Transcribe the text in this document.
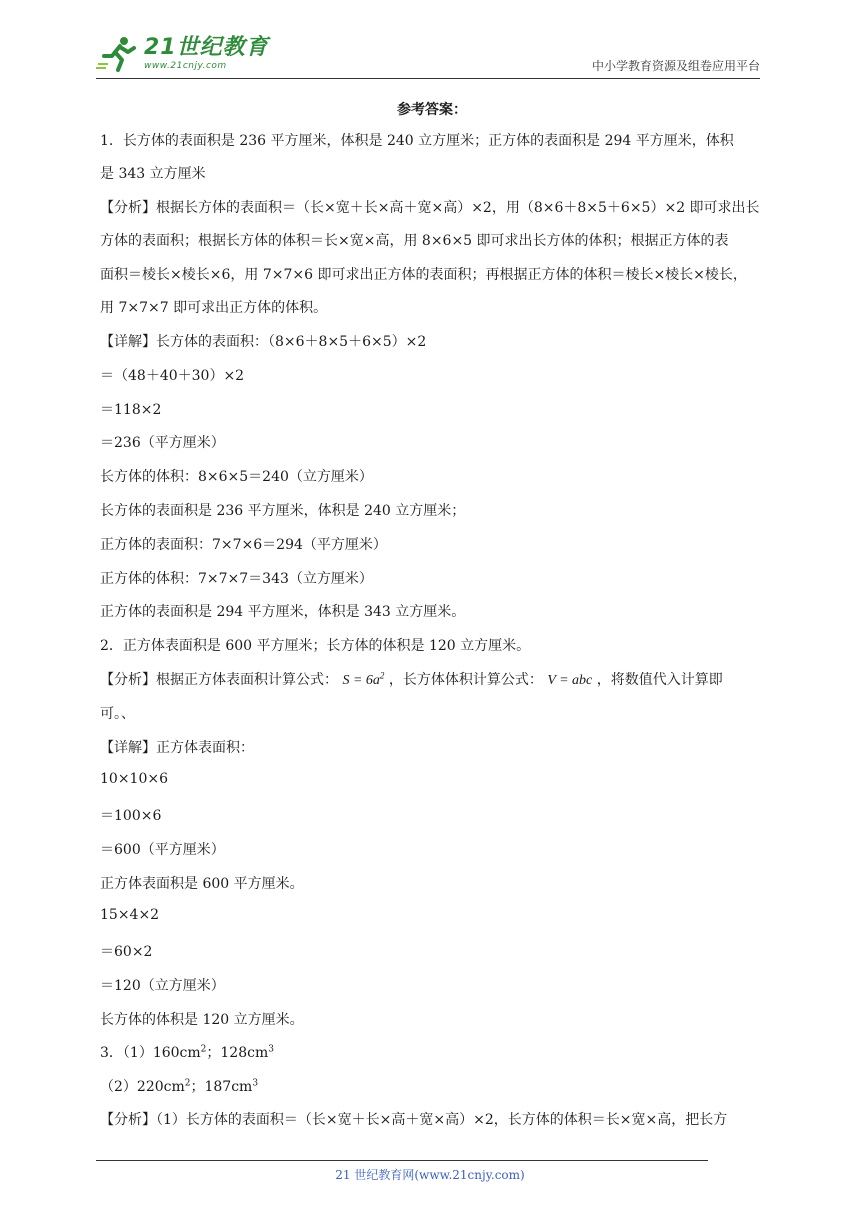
21世纪教育
www.21cnjy.com	中小学教育资源及组卷应用平台
参考答案：
1．长方体的表面积是 236 平方厘米，体积是 240 立方厘米；正方体的表面积是 294 平方厘米，体积
是 343 立方厘米
【分析】根据长方体的表面积＝（长×宽＋长×高＋宽×高）×2，用（8×6＋8×5＋6×5）×2 即可求出长
方体的表面积；根据长方体的体积＝长×宽×高，用 8×6×5 即可求出长方体的体积；根据正方体的表
面积＝棱长×棱长×6，用 7×7×6 即可求出正方体的表面积；再根据正方体的体积＝棱长×棱长×棱长，
用 7×7×7 即可求出正方体的体积。
【详解】长方体的表面积：（8×6＋8×5＋6×5）×2
＝（48＋40＋30）×2
＝118×2
＝236（平方厘米）
长方体的体积：8×6×5＝240（立方厘米）
长方体的表面积是 236 平方厘米，体积是 240 立方厘米；
正方体的表面积：7×7×6＝294（平方厘米）
正方体的体积：7×7×7＝343（立方厘米）
正方体的表面积是 294 平方厘米，体积是 343 立方厘米。
2．正方体表面积是 600 平方厘米；长方体的体积是 120 立方厘米。
【分析】根据正方体表面积计算公式： $S = 6a^2$ ，长方体体积计算公式： V = abc ，将数值代入计算即
可。、
【详解】正方体表面积：
10×10×6
＝100×6
＝600（平方厘米）
正方体表面积是 600 平方厘米。
15×4×2
＝60×2
＝120（立方厘米）
长方体的体积是 120 立方厘米。
3．$(1)160cm^2$；$128cm^3$
$(2)220cm^2$；$187cm^3$
【分析】（1）长方体的表面积＝（长×宽＋长×高＋宽×高）×2，长方体的体积＝长×宽×高，把长方
21 世纪教育网(www.21cnjy.com)
